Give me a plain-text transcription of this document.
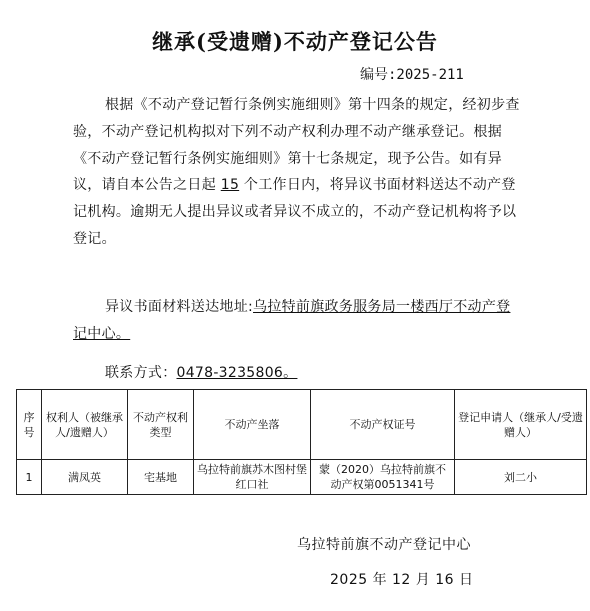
继承(受遗赠)不动产登记公告
编号:2025-211
根据《不动产登记暂行条例实施细则》第十四条的规定，经初步查验，不动产登记机构拟对下列不动产权利办理不动产继承登记。根据《不动产登记暂行条例实施细则》第十七条规定，现予公告。如有异议，请自本公告之日起 15 个工作日内，将异议书面材料送达不动产登记机构。逾期无人提出异议或者异议不成立的，不动产登记机构将予以登记。
异议书面材料送达地址:乌拉特前旗政务服务局一楼西厅不动产登记中心。
联系方式：0478-3235806。
序号	权利人（被继承人/遗赠人）	不动产权利类型	不动产坐落	不动产权证号	登记申请人（继承人/受遗赠人）
1	满凤英	宅基地	乌拉特前旗苏木图村堡红口社	蒙（2020）乌拉特前旗不动产权第0051341号	刘二小
乌拉特前旗不动产登记中心
2025 年 12 月 16 日
